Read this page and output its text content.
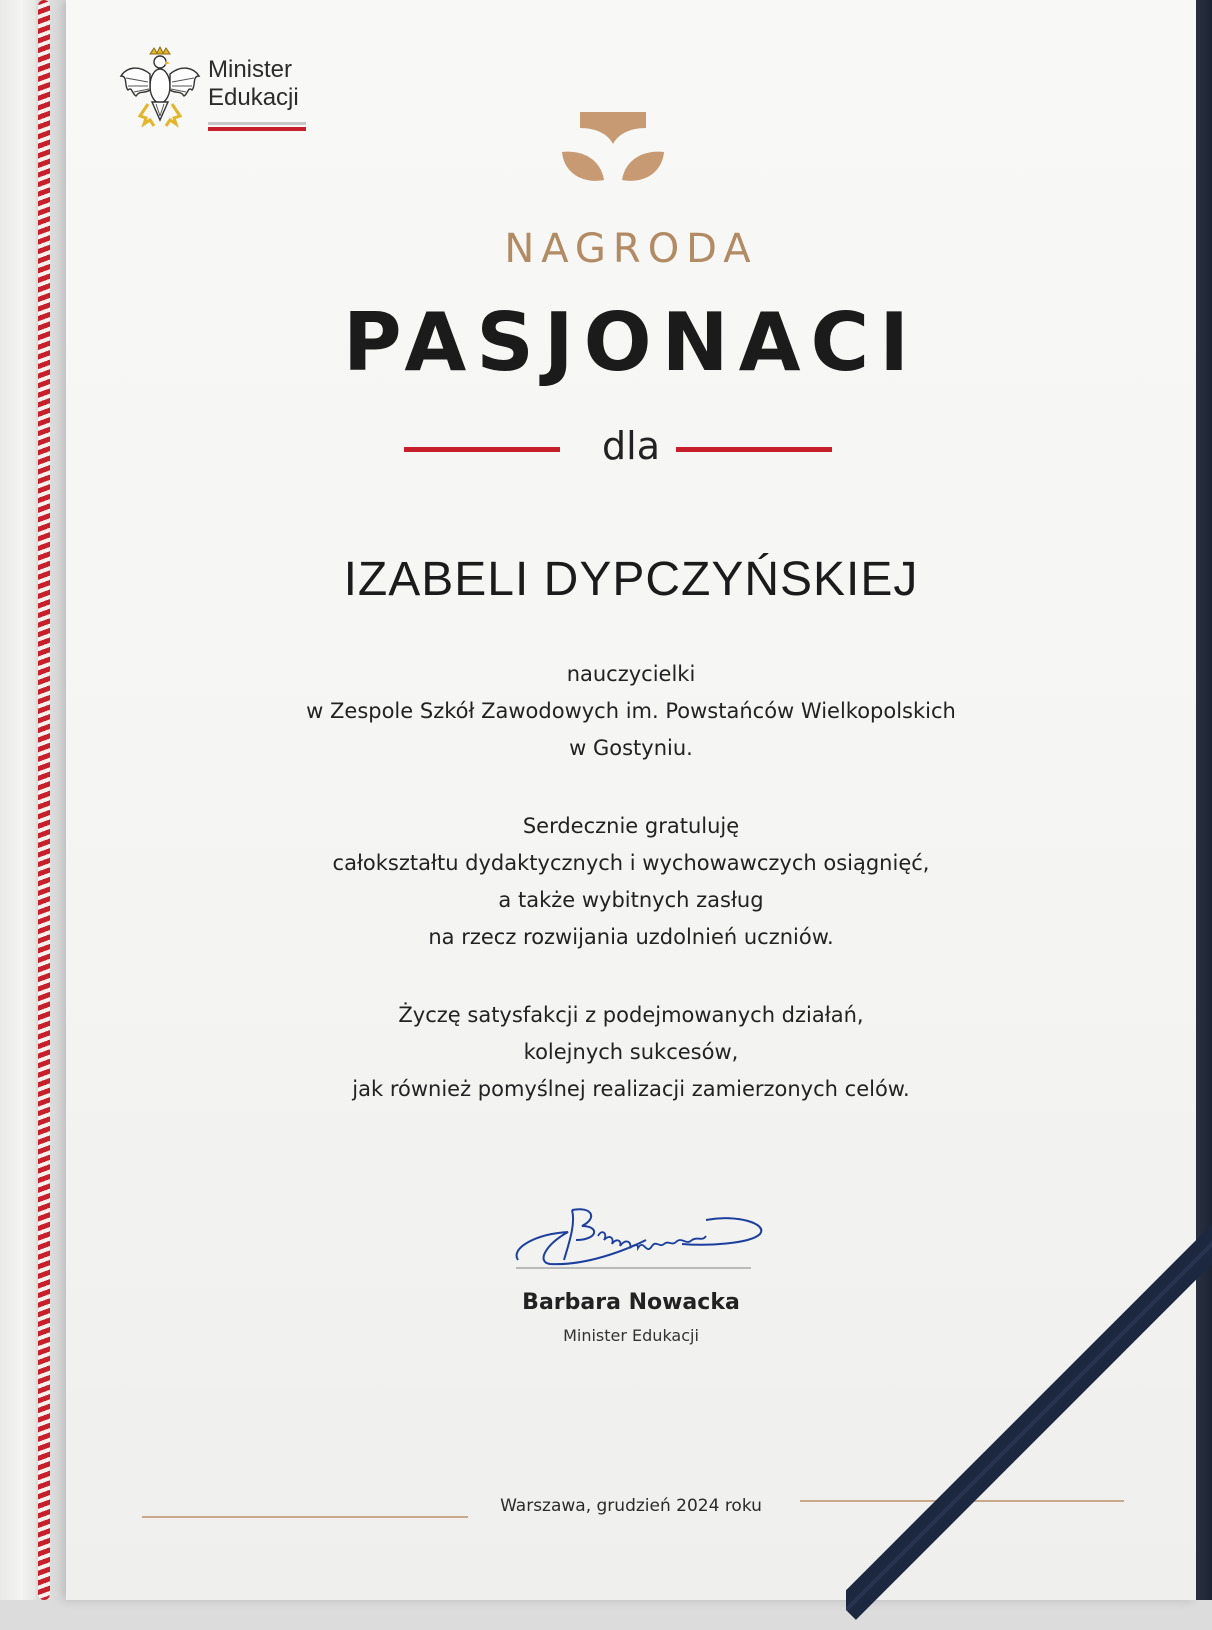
Minister
Edukacji
NAGRODA
PASJONACI
dla
IZABELI DYPCZYŃSKIEJ
nauczycielki
w Zespole Szkół Zawodowych im. Powstańców Wielkopolskich
w Gostyniu.
Serdecznie gratuluję
całokształtu dydaktycznych i wychowawczych osiągnięć,
a także wybitnych zasług
na rzecz rozwijania uzdolnień uczniów.
Życzę satysfakcji z podejmowanych działań,
kolejnych sukcesów,
jak również pomyślnej realizacji zamierzonych celów.
Barbara Nowacka
Minister Edukacji
Warszawa, grudzień 2024 roku
